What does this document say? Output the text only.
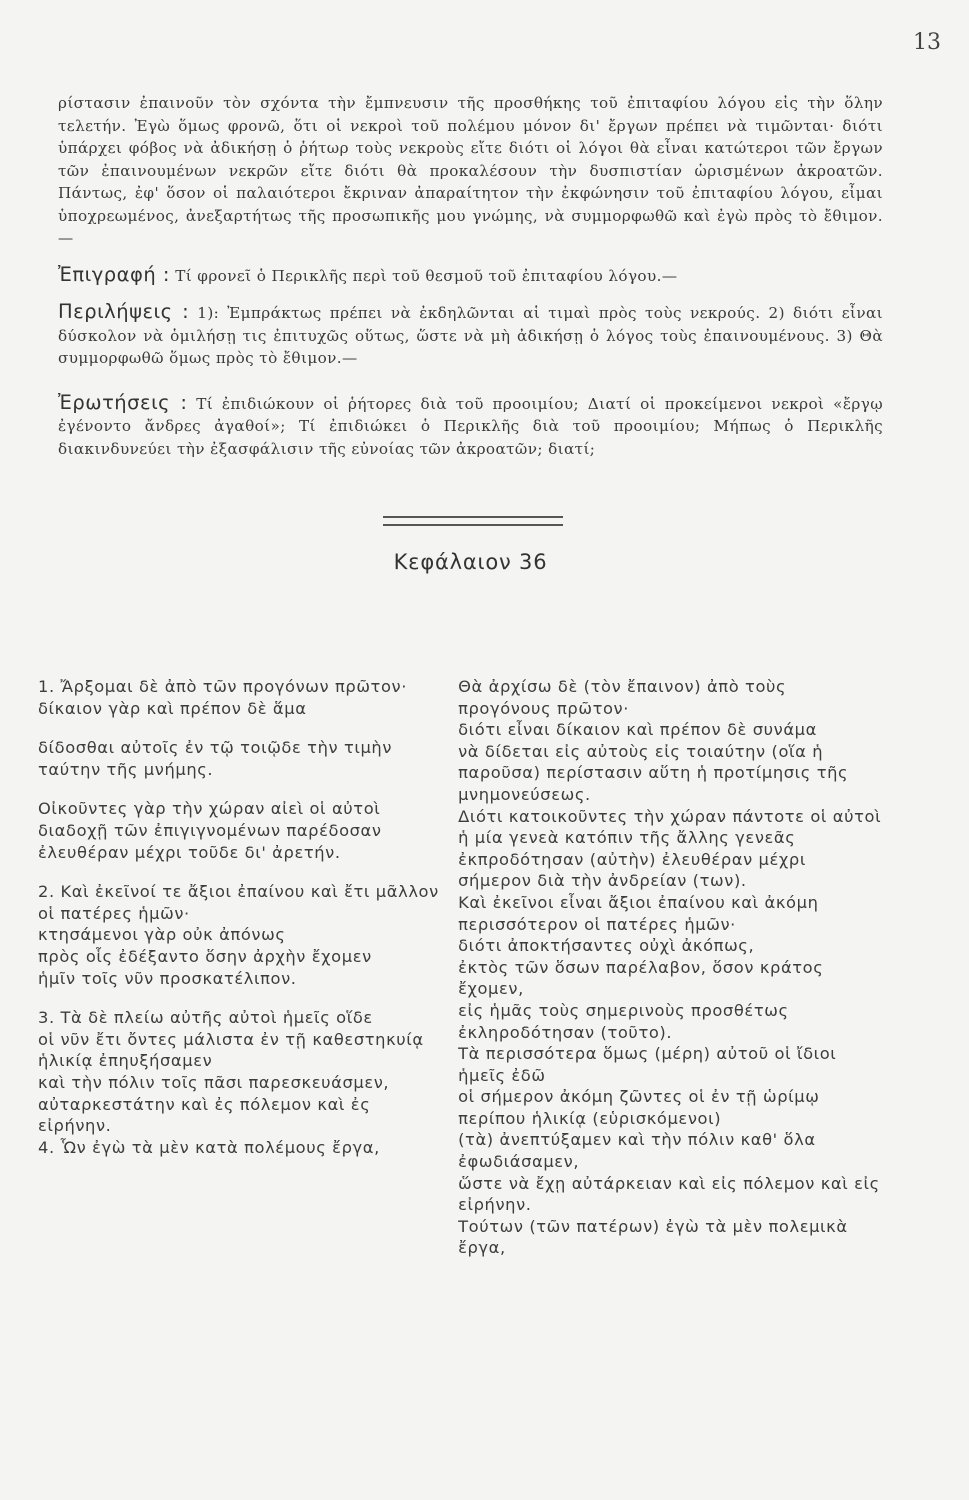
13

ρίστασιν ἐπαινοῦν τὸν σχόντα τὴν ἔμπνευσιν τῆς προσθήκης τοῦ ἐπιταφίου λόγου εἰς τὴν ὅλην τελετήν. Ἐγὼ ὅμως φρονῶ, ὅτι οἱ νεκροὶ τοῦ πολέμου μόνον δι' ἔργων πρέπει νὰ τιμῶνται· διότι ὑπάρχει φόβος νὰ ἀδικήσῃ ὁ ῥήτωρ τοὺς νεκροὺς εἴτε διότι οἱ λόγοι θὰ εἶναι κατώτεροι τῶν ἔργων τῶν ἐπαινουμένων νεκρῶν εἴτε διότι θὰ προκαλέσουν τὴν δυσπιστίαν ὡρισμένων ἀκροατῶν. Πάντως, ἐφ' ὅσον οἱ παλαιότεροι ἔκριναν ἀπαραίτητον τὴν ἐκφώνησιν τοῦ ἐπιταφίου λόγου, εἶμαι ὑποχρεωμένος, ἀνεξαρτήτως τῆς προσωπικῆς μου γνώμης, νὰ συμμορφωθῶ καὶ ἐγὼ πρὸς τὸ ἔθιμον.—

Ἐπιγραφή : Τί φρονεῖ ὁ Περικλῆς περὶ τοῦ θεσμοῦ τοῦ ἐπιταφίου λόγου.—

Περιλήψεις : 1): Ἐμπράκτως πρέπει νὰ ἐκδηλῶνται αἱ τιμαὶ πρὸς τοὺς νεκρούς. 2) διότι εἶναι δύσκολον νὰ ὁμιλήσῃ τις ἐπιτυχῶς οὕτως, ὥστε νὰ μὴ ἀδικήσῃ ὁ λόγος τοὺς ἐπαινουμένους. 3) Θὰ συμμορφωθῶ ὅμως πρὸς τὸ ἔθιμον.—

Ἐρωτήσεις : Τί ἐπιδιώκουν οἱ ῥήτορες διὰ τοῦ προοιμίου; Διατί οἱ προκείμενοι νεκροὶ «ἔργῳ ἐγένοντο ἄνδρες ἀγαθοί»; Τί ἐπιδιώκει ὁ Περικλῆς διὰ τοῦ προοιμίου; Μήπως ὁ Περικλῆς διακινδυνεύει τὴν ἐξασφάλισιν τῆς εὐνοίας τῶν ἀκροατῶν; διατί;

Κεφάλαιον 36

1. Ἄρξομαι δὲ ἀπὸ τῶν προγόνων πρῶτον·

δίκαιον γὰρ καὶ πρέπον δὲ ἅμα

δίδοσθαι αὐτοῖς ἐν τῷ τοιῷδε τὴν τιμὴν ταύτην τῆς μνήμης.

Οἰκοῦντες γὰρ τὴν χώραν αἰεὶ οἱ αὐτοὶ

διαδοχῇ τῶν ἐπιγιγνομένων παρέδοσαν ἐλευθέραν μέχρι τοῦδε δι' ἀρετήν.

2. Καὶ ἐκεῖνοί τε ἄξιοι ἐπαίνου καὶ ἔτι μᾶλλον οἱ πατέρες ἡμῶν·

κτησάμενοι γὰρ οὐκ ἀπόνως

πρὸς οἷς ἐδέξαντο ὅσην ἀρχὴν ἔχομεν

ἡμῖν τοῖς νῦν προσκατέλιπον.

3. Τὰ δὲ πλείω αὐτῆς αὐτοὶ ἡμεῖς οἵδε

οἱ νῦν ἔτι ὄντες μάλιστα ἐν τῇ καθεστηκυίᾳ ἡλικίᾳ ἐπηυξήσαμεν

καὶ τὴν πόλιν τοῖς πᾶσι παρεσκευάσμεν,

αὐταρκεστάτην καὶ ἐς πόλεμον καὶ ἐς εἰρήνην.

4. Ὧν ἐγὼ τὰ μὲν κατὰ πολέμους ἔργα,

Θὰ ἀρχίσω δὲ (τὸν ἔπαινον) ἀπὸ τοὺς προγόνους πρῶτον·

διότι εἶναι δίκαιον καὶ πρέπον δὲ συνάμα

νὰ δίδεται εἰς αὐτοὺς εἰς τοιαύτην (οἵα ἡ παροῦσα) περίστασιν αὕτη ἡ προτίμησις τῆς μνημονεύσεως.

Διότι κατοικοῦντες τὴν χώραν πάντοτε οἱ αὐτοὶ

ἡ μία γενεὰ κατόπιν τῆς ἄλλης γενεᾶς ἐκπροδότησαν (αὐτὴν) ἐλευθέραν μέχρι σήμερον διὰ τὴν ἀνδρείαν (των).

Καὶ ἐκεῖνοι εἶναι ἄξιοι ἐπαίνου καὶ ἀκόμη περισσότερον οἱ πατέρες ἡμῶν·

διότι ἀποκτήσαντες οὐχὶ ἀκόπως,

ἐκτὸς τῶν ὅσων παρέλαβον, ὅσον κράτος ἔχομεν,

εἰς ἡμᾶς τοὺς σημερινοὺς προσθέτως ἐκληροδότησαν (τοῦτο).

Τὰ περισσότερα ὅμως (μέρη) αὐτοῦ οἱ ἴδιοι ἡμεῖς ἐδῶ

οἱ σήμερον ἀκόμη ζῶντες οἱ ἐν τῇ ὡρίμῳ περίπου ἡλικίᾳ (εὑρισκόμενοι)

(τὰ) ἀνεπτύξαμεν καὶ τὴν πόλιν καθ' ὅλα ἐφωδιάσαμεν,

ὥστε νὰ ἔχῃ αὐτάρκειαν καὶ εἰς πόλεμον καὶ εἰς εἰρήνην.

Τούτων (τῶν πατέρων) ἐγὼ τὰ μὲν πολεμικὰ ἔργα,
